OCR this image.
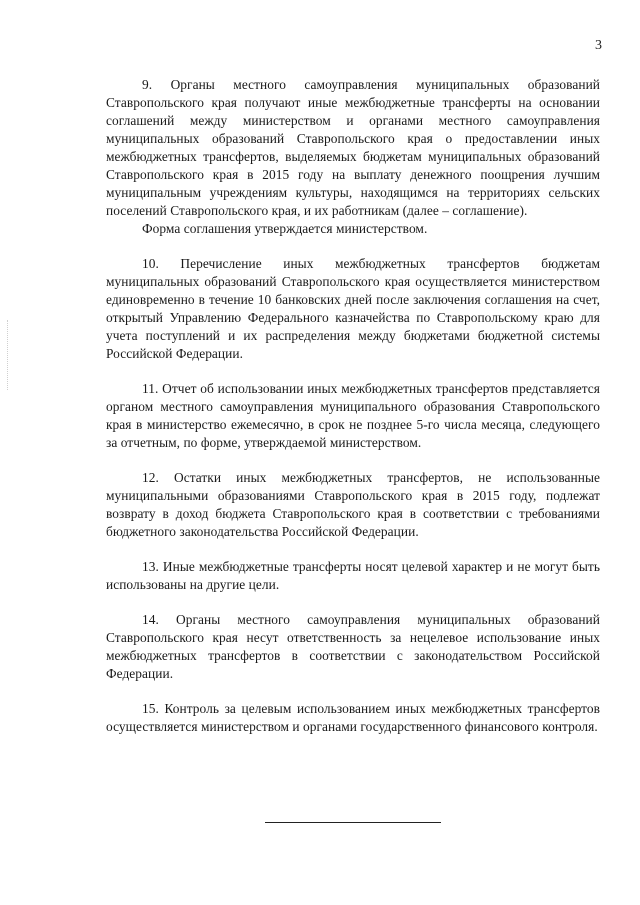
3

9. Органы местного самоуправления муниципальных образований Ставропольского края получают иные межбюджетные трансферты на основании соглашений между министерством и органами местного самоуправления муниципальных образований Ставропольского края о предоставлении иных межбюджетных трансфертов, выделяемых бюджетам муниципальных образований Ставропольского края в 2015 году на выплату денежного поощрения лучшим муниципальным учреждениям культуры, находящимся на территориях сельских поселений Ставропольского края, и их работникам (далее – соглашение).

Форма соглашения утверждается министерством.

10. Перечисление иных межбюджетных трансфертов бюджетам муниципальных образований Ставропольского края осуществляется министерством единовременно в течение 10 банковских дней после заключения соглашения на счет, открытый Управлению Федерального казначейства по Ставропольскому краю для учета поступлений и их распределения между бюджетами бюджетной системы Российской Федерации.

11. Отчет об использовании иных межбюджетных трансфертов представляется органом местного самоуправления муниципального образования Ставропольского края в министерство ежемесячно, в срок не позднее 5-го числа месяца, следующего за отчетным, по форме, утверждаемой министерством.

12. Остатки иных межбюджетных трансфертов, не использованные муниципальными образованиями Ставропольского края в 2015 году, подлежат возврату в доход бюджета Ставропольского края в соответствии с требованиями бюджетного законодательства Российской Федерации.

13. Иные межбюджетные трансферты носят целевой характер и не могут быть использованы на другие цели.

14. Органы местного самоуправления муниципальных образований Ставропольского края несут ответственность за нецелевое использование иных межбюджетных трансфертов в соответствии с законодательством Российской Федерации.

15. Контроль за целевым использованием иных межбюджетных трансфертов осуществляется министерством и органами государственного финансового контроля.
